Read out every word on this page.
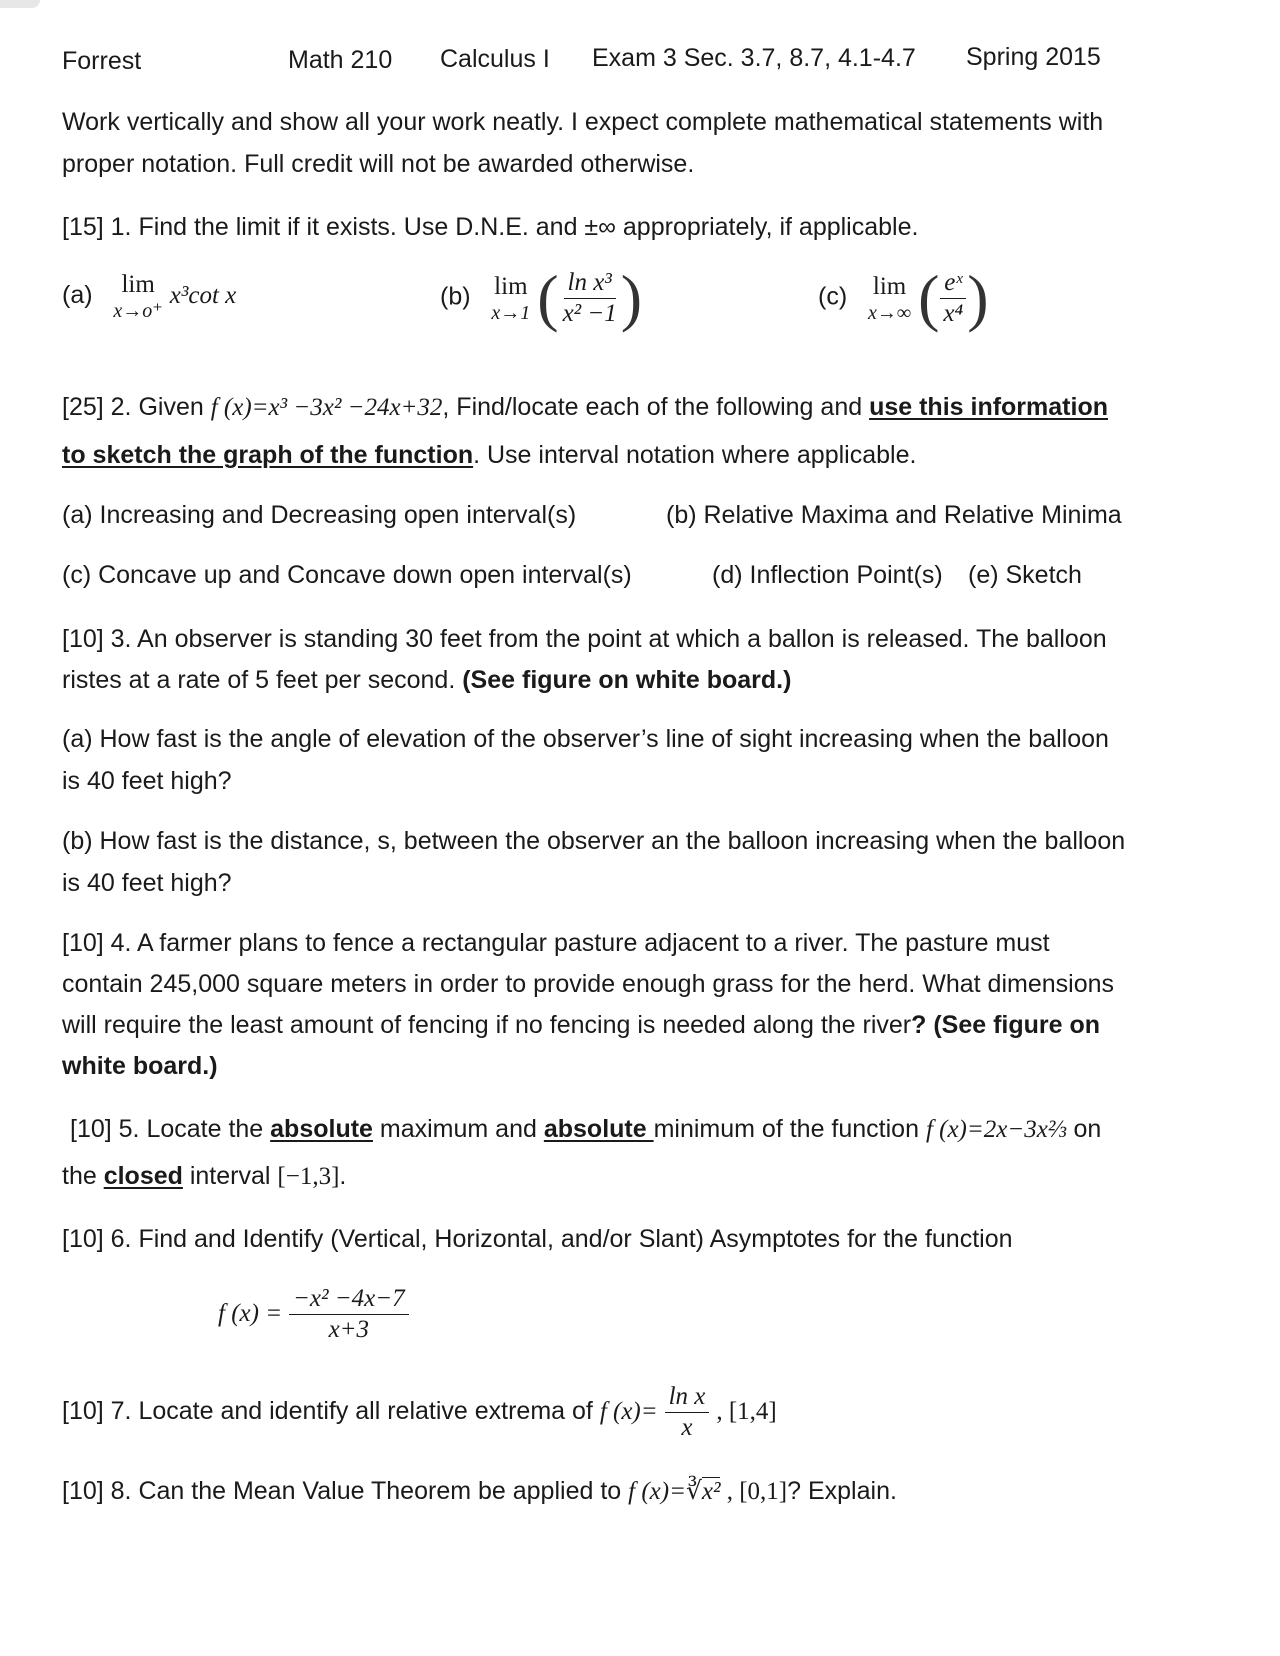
Forrest	Math 210 Calculus I Exam 3 Sec. 3.7, 8.7, 4.1-4.7 Spring 2015
Work vertically and show all your work neatly. I expect complete mathematical statements with
proper notation. Full credit will not be awarded otherwise.
[15] 1. Find the limit if it exists. Use D.N.E. and ±∞ appropriately, if applicable.
(a) lim
x→o⁺
x³cot x	(b) lim
x→1 ( $\frac{\text{ln x³}}{\text{x² −1}}$ )	(c) lim
x→∞ ( $\frac{\text{eˣ}}{\text{x⁴}}$ )
[25] 2. Given f (x)=x³ −3x² −24x+32, Find/locate each of the following and use this information
to sketch the graph of the function. Use interval notation where applicable.
(a) Increasing and Decreasing open interval(s)	(b) Relative Maxima and Relative Minima
(c) Concave up and Concave down open interval(s)	(d) Inflection Point(s) (e) Sketch
[10] 3. An observer is standing 30 feet from the point at which a ballon is released. The balloon
ristes at a rate of 5 feet per second. (See figure on white board.)
(a) How fast is the angle of elevation of the observer’s line of sight increasing when the balloon
is 40 feet high?
(b) How fast is the distance, s, between the observer an the balloon increasing when the balloon
is 40 feet high?
[10] 4. A farmer plans to fence a rectangular pasture adjacent to a river. The pasture must
contain 245,000 square meters in order to provide enough grass for the herd. What dimensions
will require the least amount of fencing if no fencing is needed along the river? (See figure on
white board.)
[10] 5. Locate the absolute maximum and absolute minimum of the function f (x)=2x−3x⅔ on
the closed interval [−1,3].
[10] 6. Find and Identify (Vertical, Horizontal, and/or Slant) Asymptotes for the function
f $(x) = \frac{\text{−x² −4x−7}}{x+3}$
[10] 7. Locate and identify all relative extrema of f $(x)= \frac{\text{ln x}}{x}$ , [1,4]
[10] 8. Can the Mean Value Theorem be applied to f (x)=∛x² , [0,1]? Explain.
